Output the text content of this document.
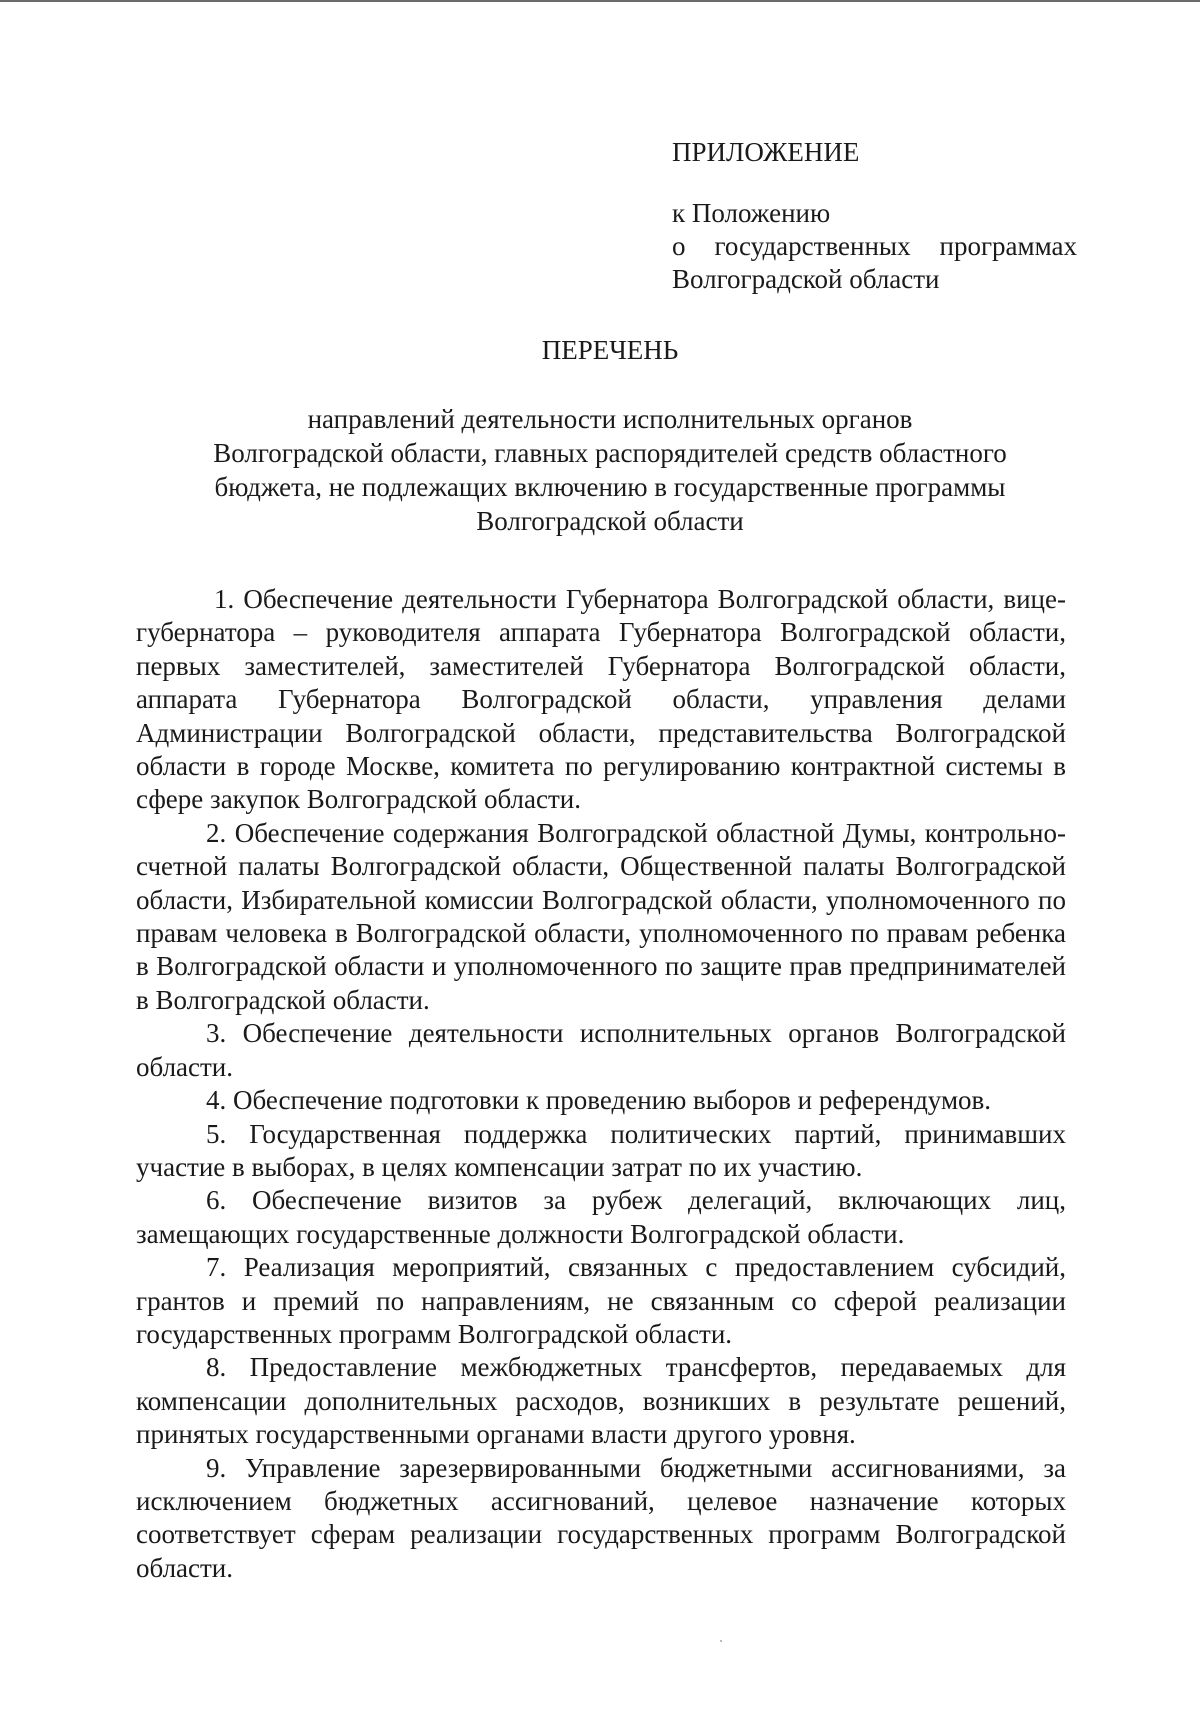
ПРИЛОЖЕНИЕ

к Положению

о государственных программах

Волгоградской области

ПЕРЕЧЕНЬ
направлений деятельности исполнительных органов
Волгоградской области, главных распорядителей средств областного
бюджета, не подлежащих включению в государственные программы
Волгоградской области

1. Обеспечение деятельности Губернатора Волгоградской области, вице-губернатора – руководителя аппарата Губернатора Волгоградской области, первых заместителей, заместителей Губернатора Волгоградской области, аппарата Губернатора Волгоградской области, управления делами Администрации Волгоградской области, представительства Волгоградской области в городе Москве, комитета по регулированию контрактной системы в сфере закупок Волгоградской области.

2. Обеспечение содержания Волгоградской областной Думы, контрольно-счетной палаты Волгоградской области, Общественной палаты Волгоградской области, Избирательной комиссии Волгоградской области, уполномоченного по правам человека в Волгоградской области, уполномоченного по правам ребенка в Волгоградской области и уполномоченного по защите прав предпринимателей в Волгоградской области.

3. Обеспечение деятельности исполнительных органов Волгоградской области.

4. Обеспечение подготовки к проведению выборов и референдумов.

5. Государственная поддержка политических партий, принимавших участие в выборах, в целях компенсации затрат по их участию.

6. Обеспечение визитов за рубеж делегаций, включающих лиц, замещающих государственные должности Волгоградской области.

7. Реализация мероприятий, связанных с предоставлением субсидий, грантов и премий по направлениям, не связанным со сферой реализации государственных программ Волгоградской области.

8. Предоставление межбюджетных трансфертов, передаваемых для компенсации дополнительных расходов, возникших в результате решений, принятых государственными органами власти другого уровня.

9. Управление зарезервированными бюджетными ассигнованиями, за исключением бюджетных ассигнований, целевое назначение которых соответствует сферам реализации государственных программ Волгоградской области.
